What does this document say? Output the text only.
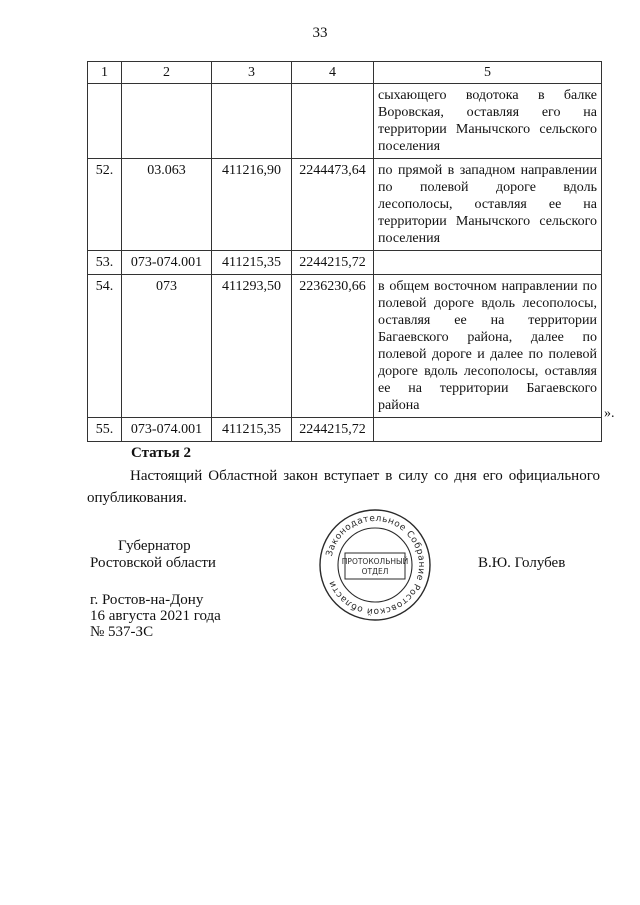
33
1	2	3	4	5
				сыхающего водотока в балке Воровская, оставляя его на территории Манычского сельского поселения
52.	03.063	411216,90	2244473,64	по прямой в западном направлении по полевой дороге вдоль лесополосы, оставляя ее на территории Манычского сельского поселения
53.	073-074.001	411215,35	2244215,72	
54.	073	411293,50	2236230,66	в общем восточном направлении по полевой дороге вдоль лесополосы, оставляя ее на территории Багаевского района, далее по полевой дороге и далее по полевой дороге вдоль лесополосы, оставляя ее на территории Багаевского района
55.	073-074.001	411215,35	2244215,72	
».
Статья 2
Настоящий Областной закон вступает в силу со дня его официального опубликования.
Губернатор
Ростовской области	В.Ю. Голубев
г. Ростов-на-Дону
16 августа 2021 года
№ 537-ЗС
Законодательное Собрание Ростовской области
ПРОТОКОЛЬНЫЙ
ОТДЕЛ
